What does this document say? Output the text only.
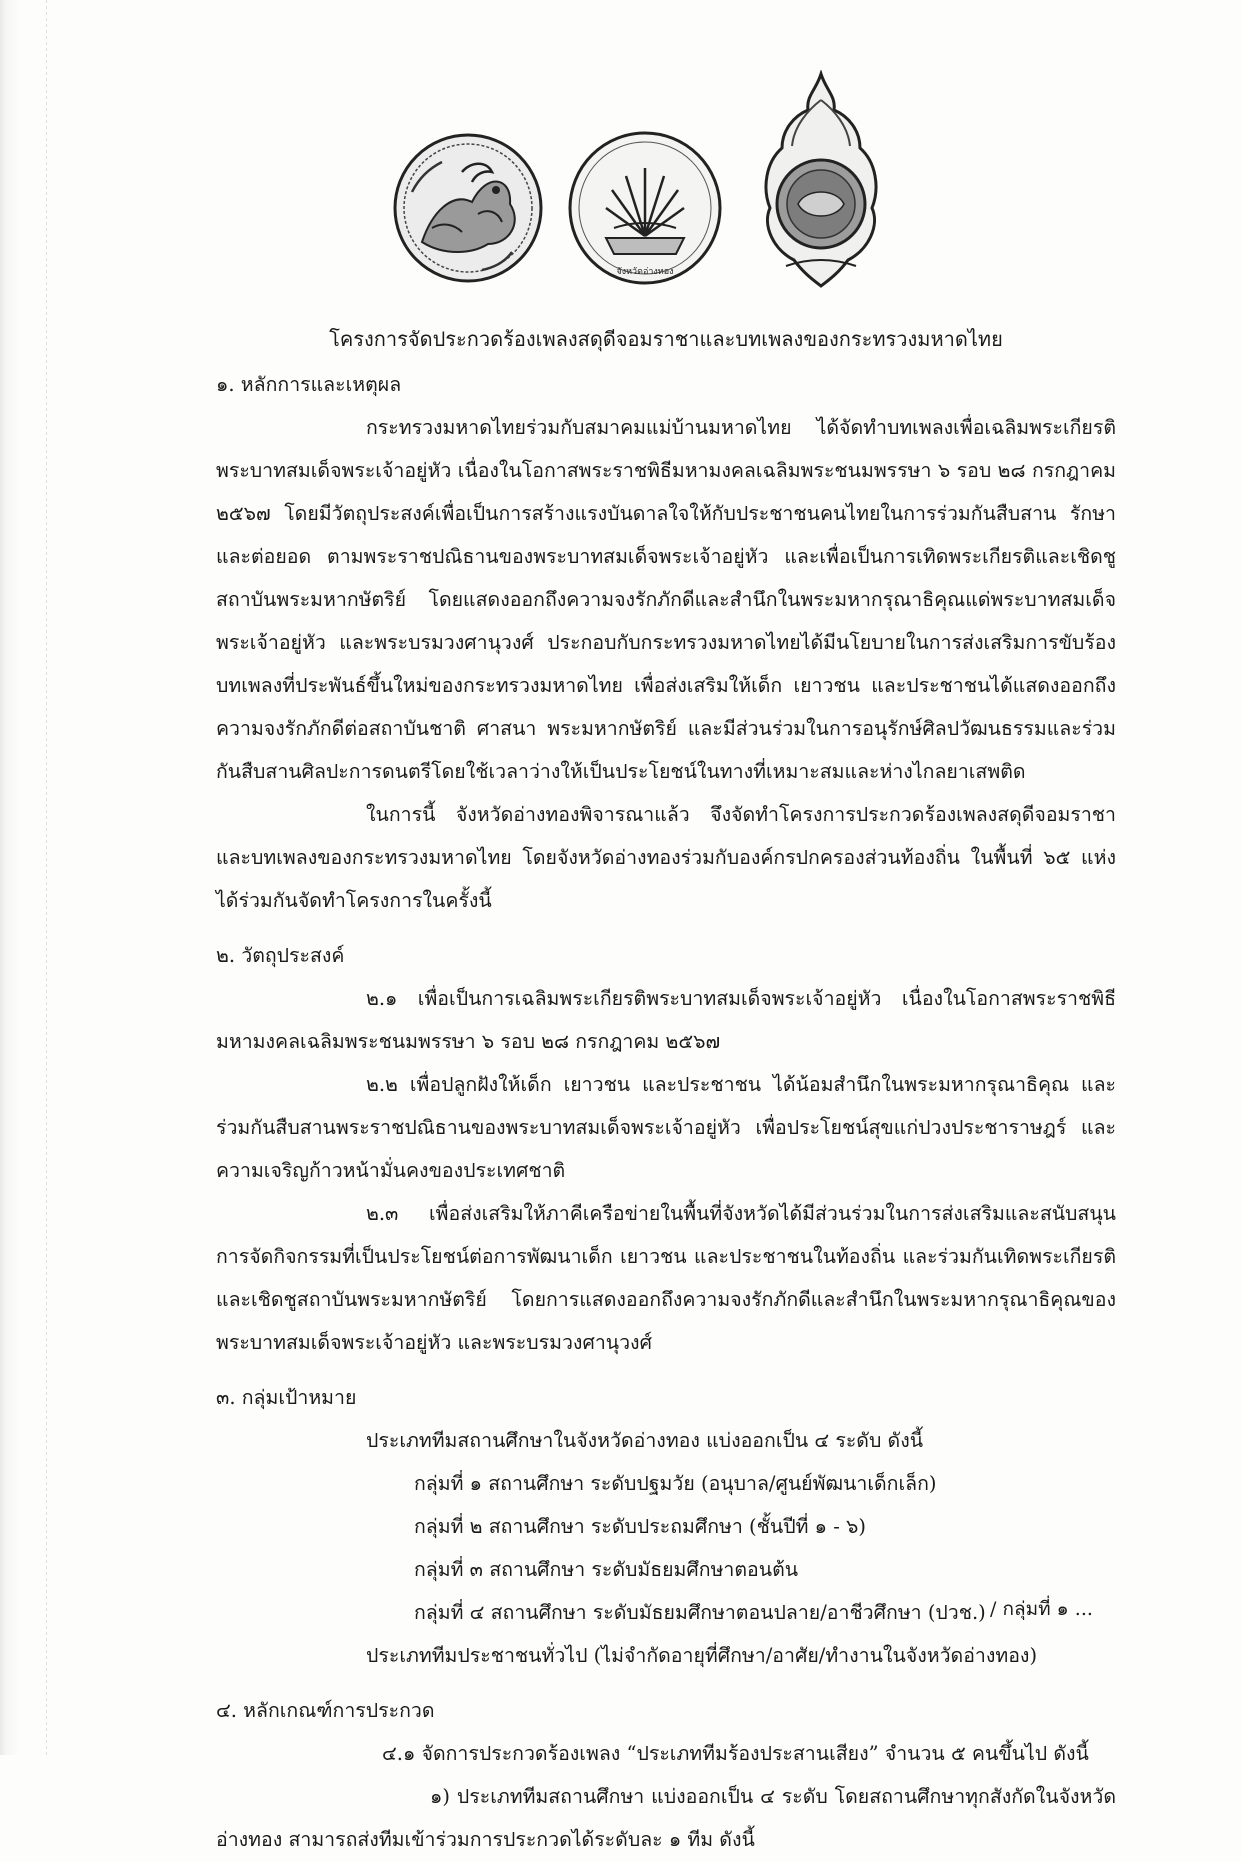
จังหวัดอ่างทอง
โครงการจัดประกวดร้องเพลงสดุดีจอมราชาและบทเพลงของกระทรวงมหาดไทย
๑. หลักการและเหตุผล
กระทรวงมหาดไทยร่วมกับสมาคมแม่บ้านมหาดไทย ได้จัดทำบทเพลงเพื่อเฉลิมพระเกียรติพระบาทสมเด็จพระเจ้าอยู่หัว เนื่องในโอกาสพระราชพิธีมหามงคลเฉลิมพระชนมพรรษา ๖ รอบ ๒๘ กรกฎาคม ๒๕๖๗ โดยมีวัตถุประสงค์เพื่อเป็นการสร้างแรงบันดาลใจให้กับประชาชนคนไทยในการร่วมกันสืบสาน รักษา และต่อยอด ตามพระราชปณิธานของพระบาทสมเด็จพระเจ้าอยู่หัว และเพื่อเป็นการเทิดพระเกียรติและเชิดชูสถาบันพระมหากษัตริย์ โดยแสดงออกถึงความจงรักภักดีและสำนึกในพระมหากรุณาธิคุณแด่พระบาทสมเด็จพระเจ้าอยู่หัว และพระบรมวงศานุวงศ์ ประกอบกับกระทรวงมหาดไทยได้มีนโยบายในการส่งเสริมการขับร้องบทเพลงที่ประพันธ์ขึ้นใหม่ของกระทรวงมหาดไทย เพื่อส่งเสริมให้เด็ก เยาวชน และประชาชนได้แสดงออกถึงความจงรักภักดีต่อสถาบันชาติ ศาสนา พระมหากษัตริย์ และมีส่วนร่วมในการอนุรักษ์ศิลปวัฒนธรรมและร่วมกันสืบสานศิลปะการดนตรีโดยใช้เวลาว่างให้เป็นประโยชน์ในทางที่เหมาะสมและห่างไกลยาเสพติด
ในการนี้ จังหวัดอ่างทองพิจารณาแล้ว จึงจัดทำโครงการประกวดร้องเพลงสดุดีจอมราชา และบทเพลงของกระทรวงมหาดไทย โดยจังหวัดอ่างทองร่วมกับองค์กรปกครองส่วนท้องถิ่น ในพื้นที่ ๖๕ แห่ง ได้ร่วมกันจัดทำโครงการในครั้งนี้
๒. วัตถุประสงค์
๒.๑ เพื่อเป็นการเฉลิมพระเกียรติพระบาทสมเด็จพระเจ้าอยู่หัว เนื่องในโอกาสพระราชพิธีมหามงคลเฉลิมพระชนมพรรษา ๖ รอบ ๒๘ กรกฎาคม ๒๕๖๗
๒.๒ เพื่อปลูกฝังให้เด็ก เยาวชน และประชาชน ได้น้อมสำนึกในพระมหากรุณาธิคุณ และร่วมกันสืบสานพระราชปณิธานของพระบาทสมเด็จพระเจ้าอยู่หัว เพื่อประโยชน์สุขแก่ปวงประชาราษฎร์ และความเจริญก้าวหน้ามั่นคงของประเทศชาติ
๒.๓ เพื่อส่งเสริมให้ภาคีเครือข่ายในพื้นที่จังหวัดได้มีส่วนร่วมในการส่งเสริมและสนับสนุนการจัดกิจกรรมที่เป็นประโยชน์ต่อการพัฒนาเด็ก เยาวชน และประชาชนในท้องถิ่น และร่วมกันเทิดพระเกียรติและเชิดชูสถาบันพระมหากษัตริย์ โดยการแสดงออกถึงความจงรักภักดีและสำนึกในพระมหากรุณาธิคุณของพระบาทสมเด็จพระเจ้าอยู่หัว และพระบรมวงศานุวงศ์
๓. กลุ่มเป้าหมาย
ประเภททีมสถานศึกษาในจังหวัดอ่างทอง แบ่งออกเป็น ๔ ระดับ ดังนี้
กลุ่มที่ ๑ สถานศึกษา ระดับปฐมวัย (อนุบาล/ศูนย์พัฒนาเด็กเล็ก)
กลุ่มที่ ๒ สถานศึกษา ระดับประถมศึกษา (ชั้นปีที่ ๑ - ๖)
กลุ่มที่ ๓ สถานศึกษา ระดับมัธยมศึกษาตอนต้น
กลุ่มที่ ๔ สถานศึกษา ระดับมัธยมศึกษาตอนปลาย/อาชีวศึกษา (ปวช.)
ประเภททีมประชาชนทั่วไป (ไม่จำกัดอายุที่ศึกษา/อาศัย/ทำงานในจังหวัดอ่างทอง)
๔. หลักเกณฑ์การประกวด
๔.๑ จัดการประกวดร้องเพลง “ประเภททีมร้องประสานเสียง” จำนวน ๕ คนขึ้นไป ดังนี้
๑) ประเภททีมสถานศึกษา แบ่งออกเป็น ๔ ระดับ โดยสถานศึกษาทุกสังกัดในจังหวัดอ่างทอง สามารถส่งทีมเข้าร่วมการประกวดได้ระดับละ ๑ ทีม ดังนี้
/ กลุ่มที่ ๑ ...
